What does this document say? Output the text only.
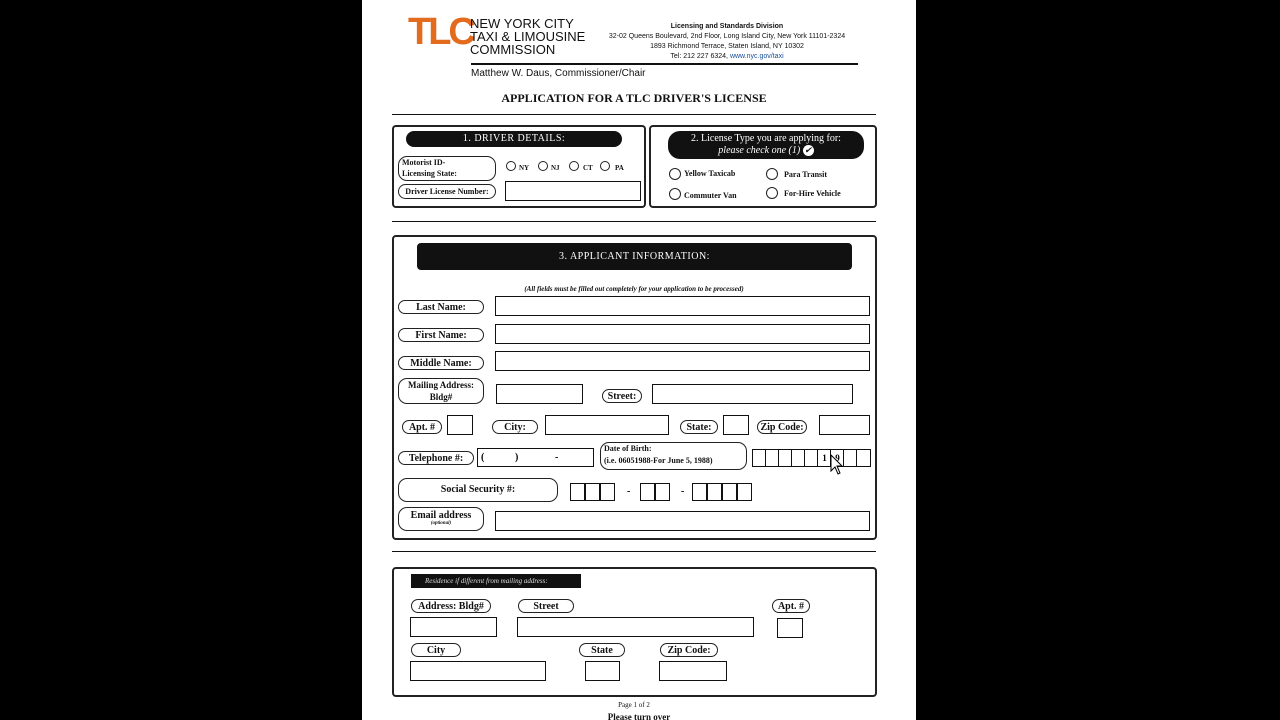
TLC
NEW YORK CITY
TAXI & LIMOUSINE
COMMISSION
Matthew W. Daus, Commissioner/Chair
Licensing and Standards Division
32-02 Queens Boulevard, 2nd Floor, Long Island City, New York 11101-2324
1893 Richmond Terrace, Staten Island, NY 10302
Tel: 212 227 6324, www.nyc.gov/taxi
APPLICATION FOR A TLC DRIVER'S LICENSE
1. DRIVER DETAILS:
Motorist ID-
Licensing State:
NY	NJ	CT	PA
Driver License Number:
2. License Type you are applying for:
please check one (1) ✔
Yellow Taxicab	Para Transit
Commuter Van	For-Hire Vehicle
3. APPLICANT INFORMATION:
(All fields must be filled out completely for your application to be processed)
Last Name:
First Name:
Middle Name:
Mailing Address:
Bldg#	Street:
Apt. #	City:	State:	Zip Code:
Telephone #:	(	)	-
Date of Birth:
(i.e. 06051988-For June 5, 1988)	1 9
Social Security #:	-	-
Email address
(optional)
Residence if different from mailing address:
Address: Bldg#	Street	Apt. #
City	State	Zip Code:
Page 1 of 2
Please turn over
